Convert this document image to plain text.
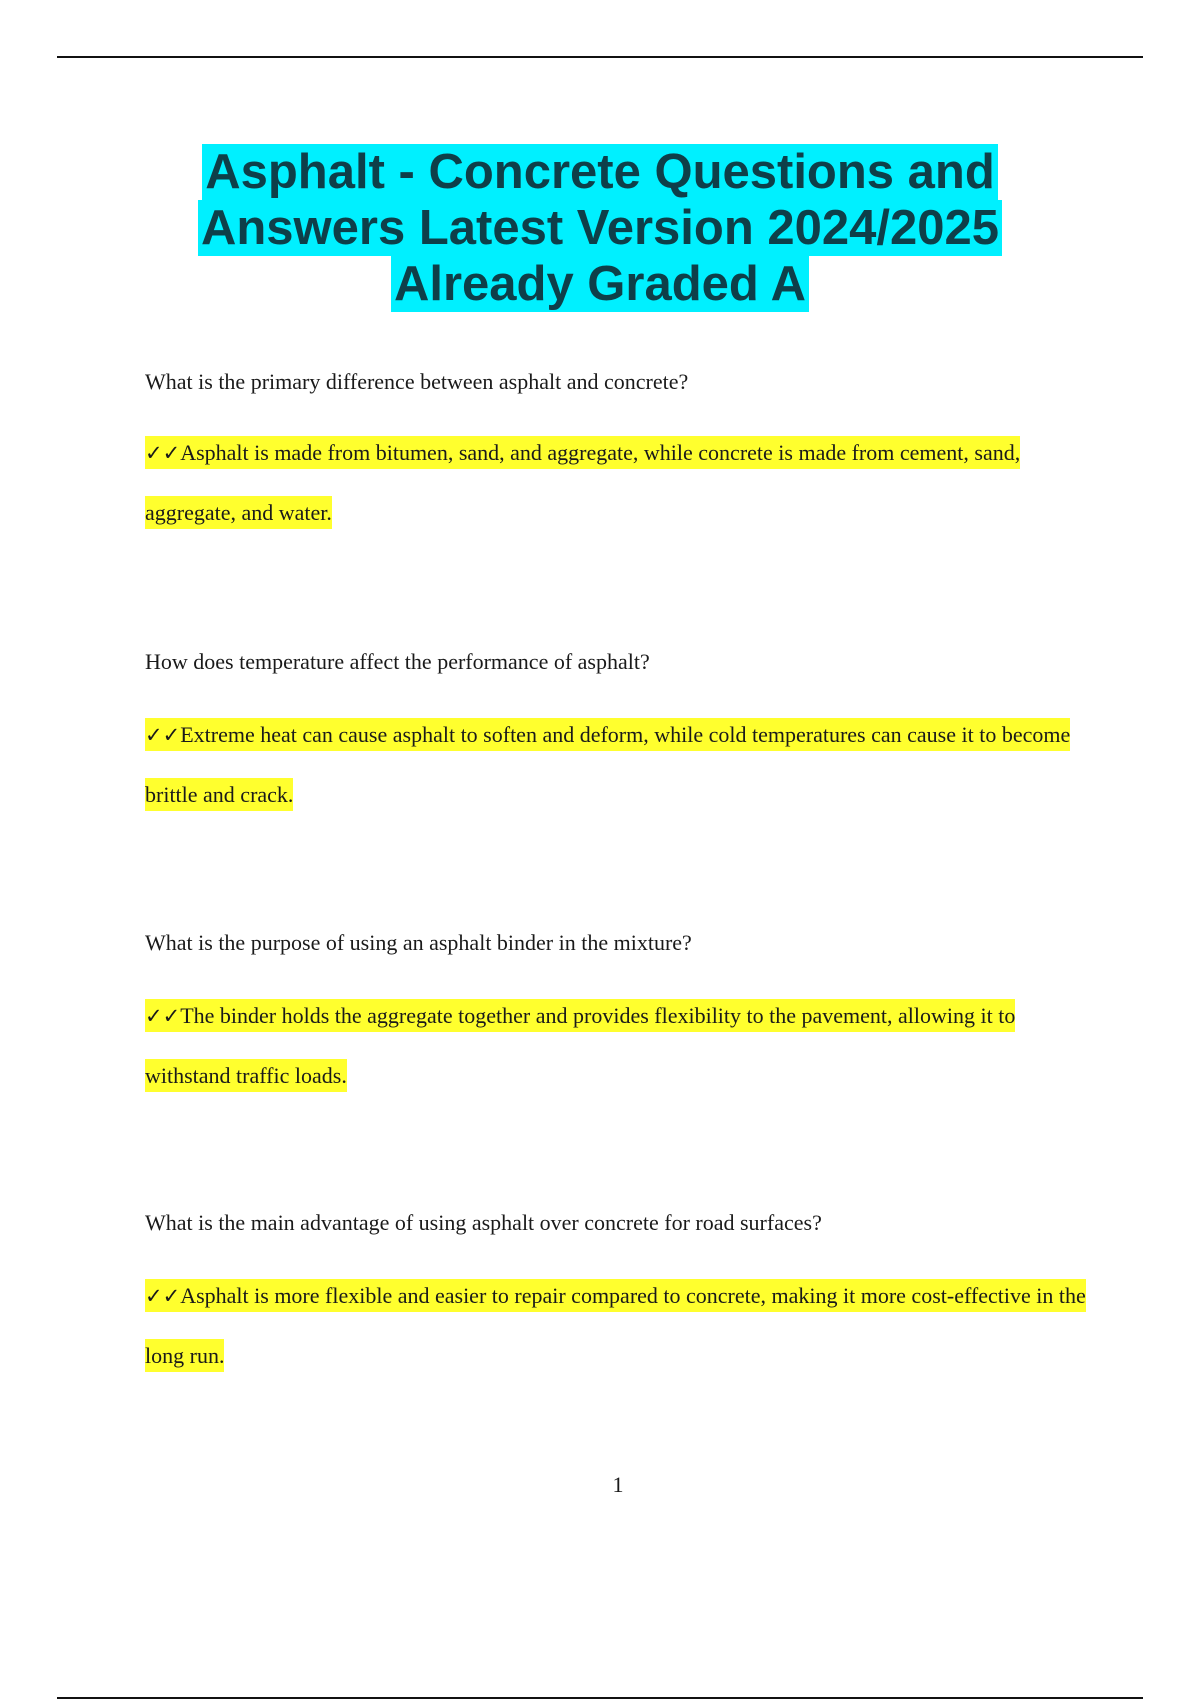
Asphalt - Concrete Questions and
Answers Latest Version 2024/2025
Already Graded A

What is the primary difference between asphalt and concrete?

✓✓Asphalt is made from bitumen, sand, and aggregate, while concrete is made from cement, sand, aggregate, and water.

How does temperature affect the performance of asphalt?

✓✓Extreme heat can cause asphalt to soften and deform, while cold temperatures can cause it to become brittle and crack.

What is the purpose of using an asphalt binder in the mixture?

✓✓The binder holds the aggregate together and provides flexibility to the pavement, allowing it to withstand traffic loads.

What is the main advantage of using asphalt over concrete for road surfaces?

✓✓Asphalt is more flexible and easier to repair compared to concrete, making it more cost-effective in the long run.

1
